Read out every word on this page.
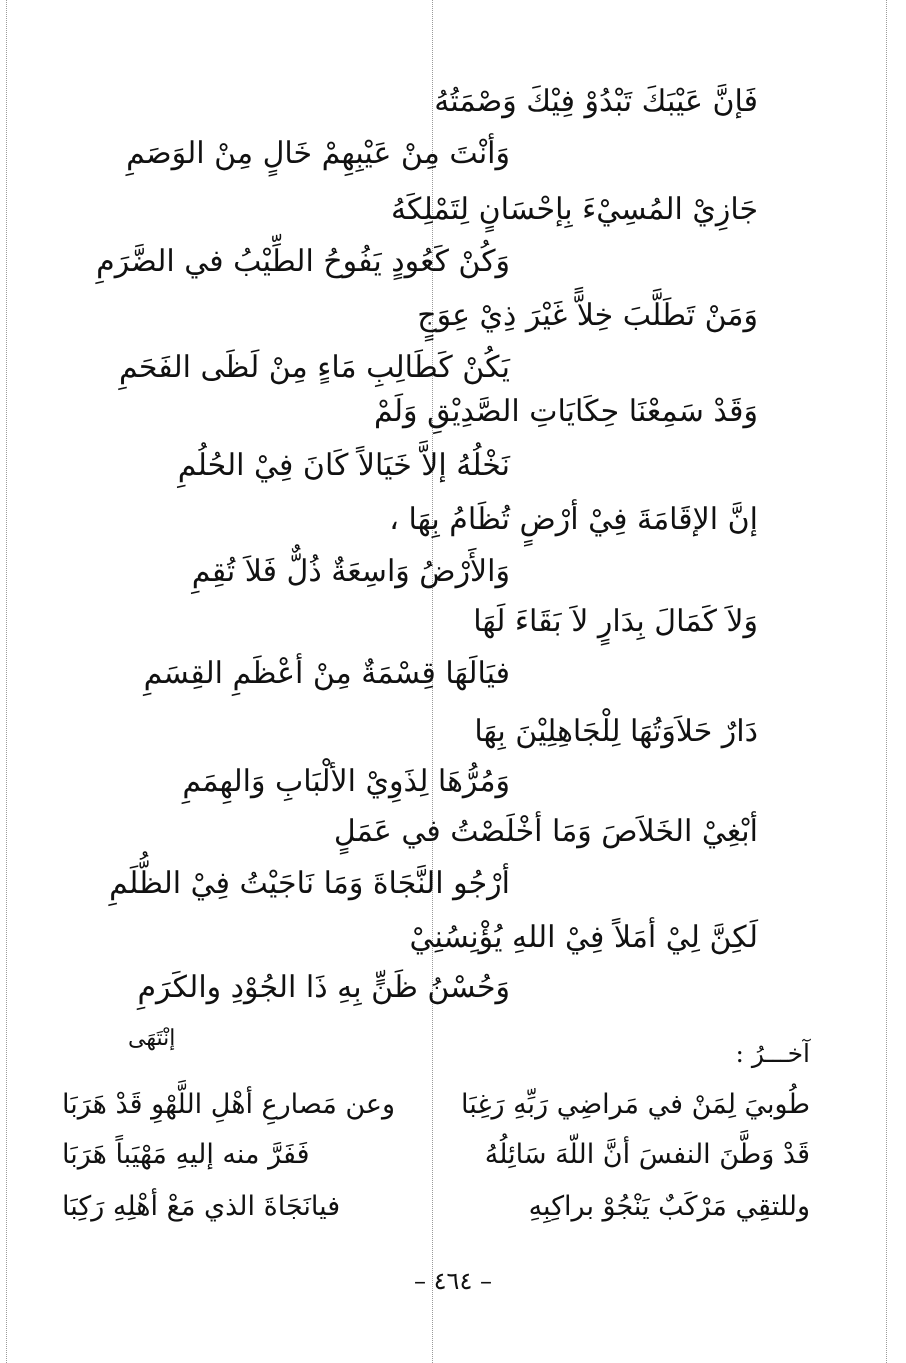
فَإنَّ عَيْبَكَ تَبْدُوْ فِيْكَ وَصْمَتُهُ
وَأنْتَ مِنْ عَيْبِهِمْ خَالٍ مِنْ الوَصَمِ
جَازِيْ المُسِيْءَ بِإحْسَانٍ لِتَمْلِكَهُ
وَكُنْ كَعُودٍ يَفُوحُ الطِّيْبُ في الضَّرَمِ
وَمَنْ تَطَلَّبَ خِلاًّ غَيْرَ ذِيْ عِوَجٍ
يَكُنْ كَطَالِبِ مَاءٍ مِنْ لَظَى الفَحَمِ
وَقَدْ سَمِعْنَا حِكَايَاتِ الصَّدِيْقِ وَلَمْ
نَخْلُهُ إلاَّ خَيَالاً كَانَ فِيْ الحُلُمِ
إنَّ الإقَامَةَ فِيْ أرْضٍ تُظَامُ بِهَا ،
وَالأَرْضُ وَاسِعَةٌ ذُلٌّ فَلاَ تُقِمِ
وَلاَ كَمَالَ بِدَارٍ لاَ بَقَاءَ لَهَا
فيَالَهَا قِسْمَةٌ مِنْ أعْظَمِ القِسَمِ
دَارٌ حَلاَوَتُهَا لِلْجَاهِلِيْنَ بِهَا
وَمُرُّهَا لِذَوِيْ الألْبَابِ وَالهِمَمِ
أبْغِيْ الخَلاَصَ وَمَا أخْلَصْتُ في عَمَلٍ
أرْجُو النَّجَاةَ وَمَا نَاجَيْتُ فِيْ الظُّلَمِ
لَكِنَّ لِيْ أمَلاً فِيْ اللهِ يُؤْنِسُنِيْ
وَحُسْنُ ظَنٍّ بِهِ ذَا الجُوْدِ والكَرَمِ
إنْتَهَى
آخـــرُ :
طُوبيَ لِمَنْ في مَراضِي رَبِّهِ رَغِبَا
وعن مَصارعِ أهْلِ اللَّهْوِ قَدْ هَرَبَا
قَدْ وَطَّنَ النفسَ أنَّ اللّهَ سَائِلُهُ
فَفَرَّ منه إليهِ مَهْيَباً هَرَبَا
وللتقِي مَرْكَبٌ يَنْجُوْ براكِبِهِ
فيانَجَاةَ الذي مَعْ أهْلِهِ رَكِبَا
– ٤٦٤ –
